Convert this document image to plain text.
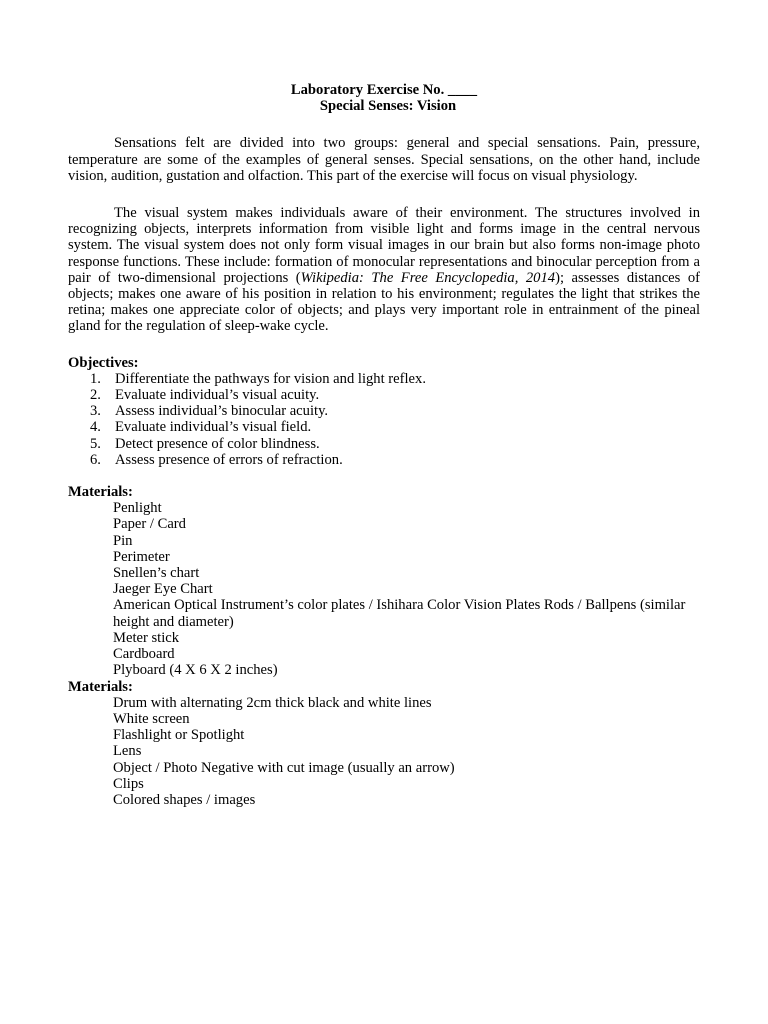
Laboratory Exercise No. ____
Special Senses: Vision

Sensations felt are divided into two groups: general and special sensations. Pain, pressure, temperature are some of the examples of general senses. Special sensations, on the other hand, include vision, audition, gustation and olfaction. This part of the exercise will focus on visual physiology.

The visual system makes individuals aware of their environment. The structures involved in recognizing objects, interprets information from visible light and forms image in the central nervous system. The visual system does not only form visual images in our brain but also forms non-image photo response functions. These include: formation of monocular representations and binocular perception from a pair of two-dimensional projections (Wikipedia: The Free Encyclopedia, 2014); assesses distances of objects; makes one aware of his position in relation to his environment; regulates the light that strikes the retina; makes one appreciate color of objects; and plays very important role in entrainment of the pineal gland for the regulation of sleep-wake cycle.

Objectives:

1. Differentiate the pathways for vision and light reflex.
2. Evaluate individual’s visual acuity.
3. Assess individual’s binocular acuity.
4. Evaluate individual’s visual field.
5. Detect presence of color blindness.
6. Assess presence of errors of refraction.

Materials:

Penlight
Paper / Card
Pin
Perimeter
Snellen’s chart
Jaeger Eye Chart
American Optical Instrument’s color plates / Ishihara Color Vision Plates Rods / Ballpens (similar height and diameter)
Meter stick
Cardboard
Plyboard (4 X 6 X 2 inches)

Materials:

Drum with alternating 2cm thick black and white lines
White screen
Flashlight or Spotlight
Lens
Object / Photo Negative with cut image (usually an arrow)
Clips
Colored shapes / images
